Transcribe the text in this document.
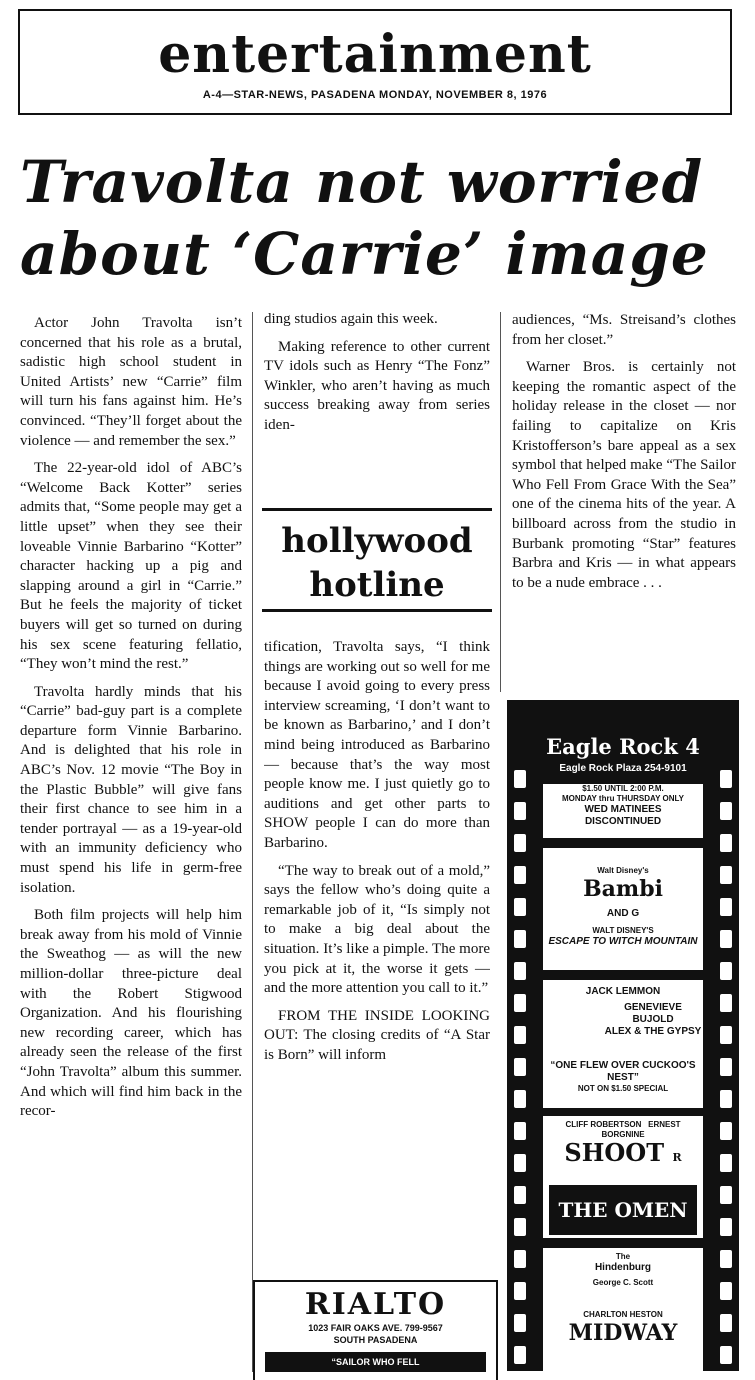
entertainment
A-4—STAR-NEWS, PASADENA MONDAY, NOVEMBER 8, 1976
Travolta not worried
about ‘Carrie’ image

Actor John Travolta isn’t concerned that his role as a brutal, sadistic high school student in United Artists’ new “Carrie” film will turn his fans against him. He’s convinced. “They’ll forget about the violence — and remember the sex.”

The 22-year-old idol of ABC’s “Welcome Back Kotter” series admits that, “Some people may get a little upset” when they see their loveable Vinnie Barbarino “Kotter” character hacking up a pig and slapping around a girl in “Carrie.” But he feels the majority of ticket buyers will get so turned on during his sex scene featuring fellatio, “They won’t mind the rest.”

Travolta hardly minds that his “Carrie” bad-guy part is a complete departure form Vinnie Barbarino. And is delighted that his role in ABC’s Nov. 12 movie “The Boy in the Plastic Bubble” will give fans their first chance to see him in a tender portrayal — as a 19-year-old with an immunity deficiency who must spend his life in germ-free isolation.

Both film projects will help him break away from his mold of Vinnie the Sweathog — as will the new million-dollar three-picture deal with the Robert Stigwood Organization. And his flourishing new recording career, which has already seen the release of the first “John Travolta” album this summer. And which will find him back in the recor-

ding studios again this week.

Making reference to other current TV idols such as Henry “The Fonz” Winkler, who aren’t having as much success breaking away from series iden-

hollywood
hotline

tification, Travolta says, “I think things are working out so well for me because I avoid going to every press interview screaming, ‘I don’t want to be known as Barbarino,’ and I don’t mind being introduced as Barbarino — because that’s the way most people know me. I just quietly go to auditions and get other parts to SHOW people I can do more than Barbarino.

“The way to break out of a mold,” says the fellow who’s doing quite a remarkable job of it, “Is simply not to make a big deal about the situation. It’s like a pimple. The more you pick at it, the worse it gets — and the more attention you call to it.”

FROM THE INSIDE LOOKING OUT: The closing credits of “A Star is Born” will inform

audiences, “Ms. Streisand’s clothes from her closet.”

Warner Bros. is certainly not keeping the romantic aspect of the holiday release in the closet — nor failing to capitalize on Kris Kristofferson’s bare appeal as a sex symbol that helped make “The Sailor Who Fell From Grace With the Sea” one of the cinema hits of the year. A billboard across from the studio in Burbank promoting “Star” features Barbra and Kris — in what appears to be a nude embrace . . .

Eagle Rock 4
Eagle Rock Plaza 254-9101
$1.50 UNTIL 2:00 P.M.
MONDAY thru THURSDAY ONLY
WED MATINEES
DISCONTINUED
Walt Disney's
Bambi
AND G
WALT DISNEY'S
ESCAPE TO WITCH MOUNTAIN
JACK LEMMON
GENEVIEVE BUJOLD
ALEX & THE GYPSY
“ONE FLEW OVER CUCKOO'S NEST”
NOT ON $1.50 SPECIAL
CLIFF ROBERTSON ERNEST BORGNINE
SHOOT R
THE OMEN
The
Hindenburg
George C. Scott
CHARLTON HESTON
MIDWAY
RIALTO
1023 FAIR OAKS AVE. 799-9567
SOUTH PASADENA
“SAILOR WHO FELL
